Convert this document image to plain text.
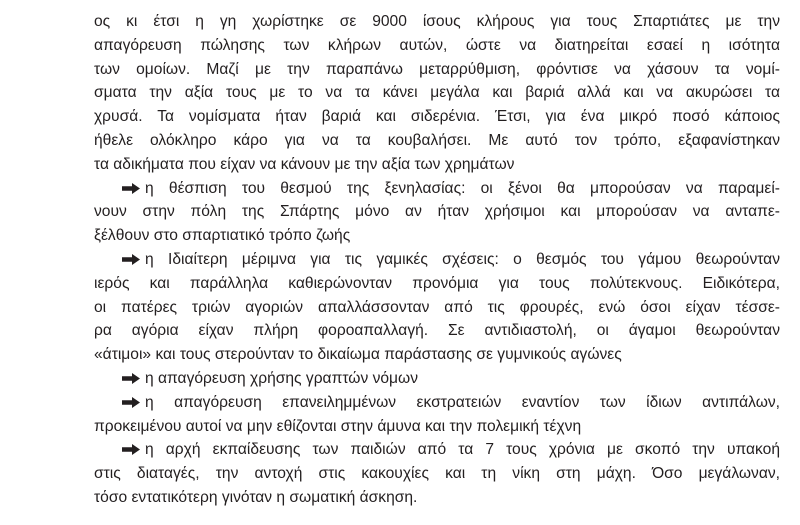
ος κι έτσι η γη χωρίστηκε σε 9000 ίσους κλήρους για τους Σπαρτιάτες με την
απαγόρευση πώλησης των κλήρων αυτών, ώστε να διατηρείται εσαεί η ισότητα
των ομοίων. Μαζί με την παραπάνω μεταρρύθμιση, φρόντισε να χάσουν τα νομί-
σματα την αξία τους με το να τα κάνει μεγάλα και βαριά αλλά και να ακυρώσει τα
χρυσά. Τα νομίσματα ήταν βαριά και σιδερένια. Έτσι, για ένα μικρό ποσό κάποιος
ήθελε ολόκληρο κάρο για να τα κουβαλήσει. Με αυτό τον τρόπο, εξαφανίστηκαν
τα αδικήματα που είχαν να κάνουν με την αξία των χρημάτων
η θέσπιση του θεσμού της ξενηλασίας: οι ξένοι θα μπορούσαν να παραμεί-
νουν στην πόλη της Σπάρτης μόνο αν ήταν χρήσιμοι και μπορούσαν να ανταπε-
ξέλθουν στο σπαρτιατικό τρόπο ζωής
η Ιδιαίτερη μέριμνα για τις γαμικές σχέσεις: ο θεσμός του γάμου θεωρούνταν
ιερός και παράλληλα καθιερώνονταν προνόμια για τους πολύτεκνους. Ειδικότερα,
οι πατέρες τριών αγοριών απαλλάσσονταν από τις φρουρές, ενώ όσοι είχαν τέσσε-
ρα αγόρια είχαν πλήρη φοροαπαλλαγή. Σε αντιδιαστολή, οι άγαμοι θεωρούνταν
«άτιμοι» και τους στερούνταν το δικαίωμα παράστασης σε γυμνικούς αγώνες
η απαγόρευση χρήσης γραπτών νόμων
η απαγόρευση επανειλημμένων εκστρατειών εναντίον των ίδιων αντιπάλων,
προκειμένου αυτοί να μην εθίζονται στην άμυνα και την πολεμική τέχνη
η αρχή εκπαίδευσης των παιδιών από τα 7 τους χρόνια με σκοπό την υπακοή
στις διαταγές, την αντοχή στις κακουχίες και τη νίκη στη μάχη. Όσο μεγάλωναν,
τόσο εντατικότερη γινόταν η σωματική άσκηση.
